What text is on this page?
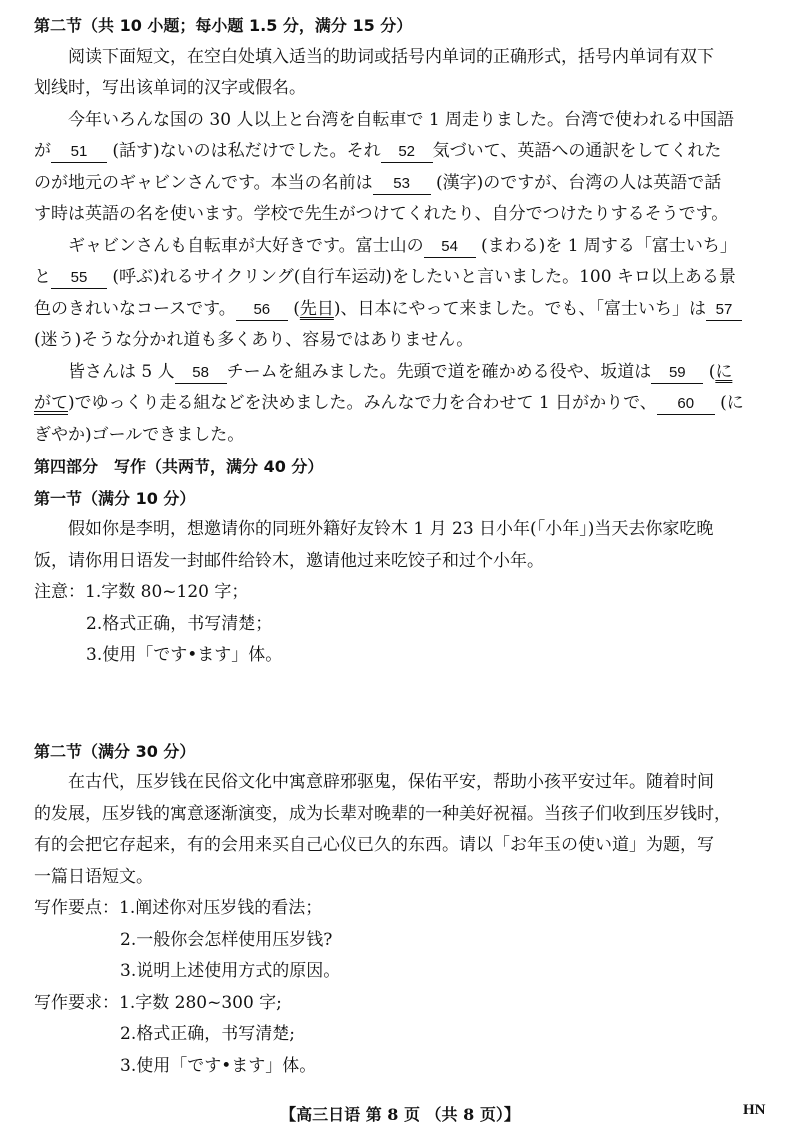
第二节（共 10 小题；每小题 1.5 分，满分 15 分）
阅读下面短文，在空白处填入适当的助词或括号内单词的正确形式，括号内单词有双下
划线时，写出该单词的汉字或假名。
今年いろんな国の 30 人以上と台湾を自転車で 1 周走りました。台湾で使われる中国語
が 51 (話す)ないのは私だけでした。それ 52 気づいて、英語への通訳をしてくれた
のが地元のギャビンさんです。本当の名前は 53 (漢字)のですが、台湾の人は英語で話
す時は英語の名を使います。学校で先生がつけてくれたり、自分でつけたりするそうです。
ギャビンさんも自転車が大好きです。富士山の 54 (まわる)を 1 周する「富士いち」
と 55 (呼ぶ)れるサイクリング(自行车运动)をしたいと言いました。100 キロ以上ある景
色のきれいなコースです。 56 (先日)、日本にやって来ました。でも、「富士いち」は 57
(迷う)そうな分かれ道も多くあり、容易ではありません。
皆さんは 5 人 58 チームを組みました。先頭で道を確かめる役や、坂道は 59 (に
がて)でゆっくり走る組などを決めました。みんなで力を合わせて 1 日がかりで、 60 (に
ぎやか)ゴールできました。
第四部分　写作（共两节，满分 40 分）
第一节（满分 10 分）
假如你是李明，想邀请你的同班外籍好友铃木 1 月 23 日小年(「小年」)当天去你家吃晚
饭，请你用日语发一封邮件给铃木，邀请他过来吃饺子和过个小年。
注意：1.字数 80~120 字；
2.格式正确，书写清楚；
3.使用「です•ます」体。
第二节（满分 30 分）
在古代，压岁钱在民俗文化中寓意辟邪驱鬼，保佑平安，帮助小孩平安过年。随着时间
的发展，压岁钱的寓意逐渐演变，成为长辈对晚辈的一种美好祝福。当孩子们收到压岁钱时，
有的会把它存起来，有的会用来买自己心仪已久的东西。请以「お年玉の使い道」为题，写
一篇日语短文。
写作要点：1.阐述你对压岁钱的看法；
2.一般你会怎样使用压岁钱?
3.说明上述使用方式的原因。
写作要求：1.字数 280~300 字;
2.格式正确，书写清楚;
3.使用「です•ます」体。
【高三日语 第 8 页 （共 8 页）】	HN
